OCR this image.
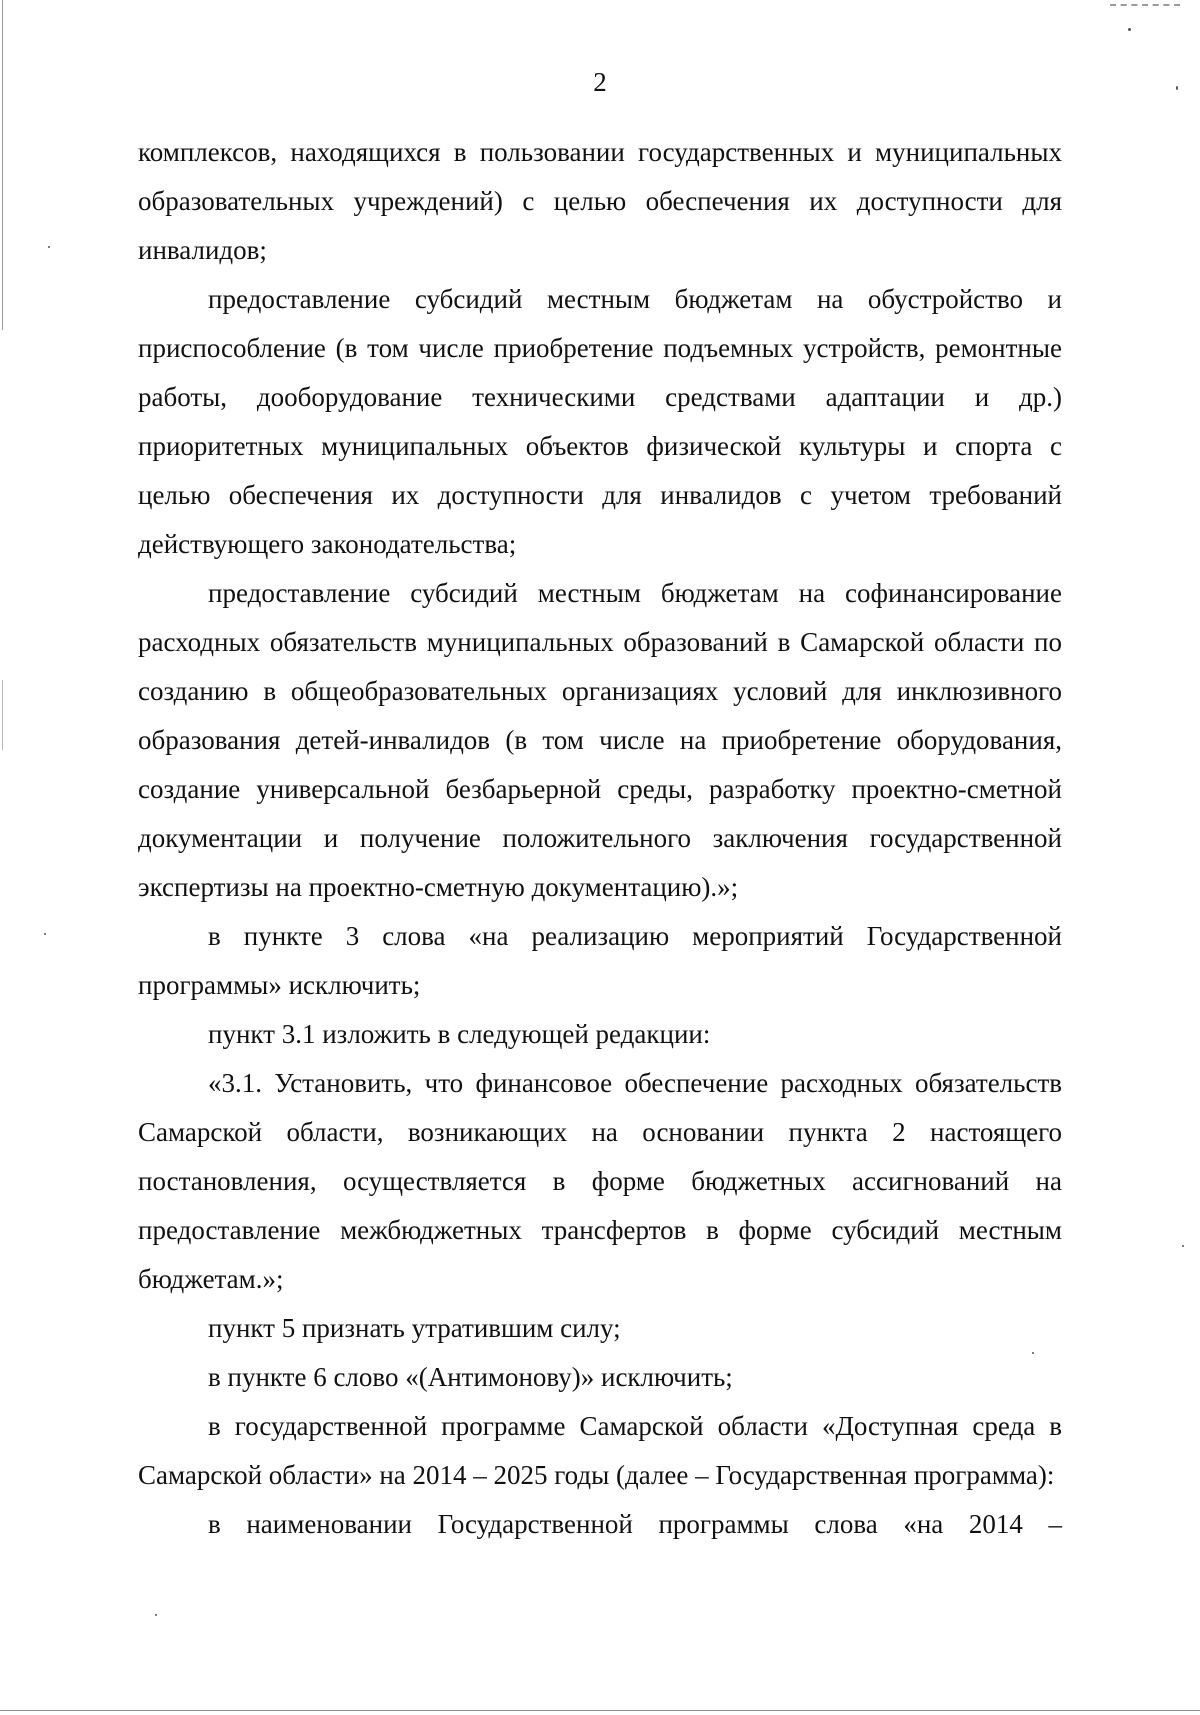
2

комплексов, находящихся в пользовании государственных и муниципальных образовательных учреждений) с целью обеспечения их доступности для инвалидов;

предоставление субсидий местным бюджетам на обустройство и приспособление (в том числе приобретение подъемных устройств, ремонтные работы, дооборудование техническими средствами адаптации и др.) приоритетных муниципальных объектов физической культуры и спорта с целью обеспечения их доступности для инвалидов с учетом требований действующего законодательства;

предоставление субсидий местным бюджетам на софинансирование расходных обязательств муниципальных образований в Самарской области по созданию в общеобразовательных организациях условий для инклюзивного образования детей-инвалидов (в том числе на приобретение оборудования, создание универсальной безбарьерной среды, разработку проектно-сметной документации и получение положительного заключения государственной экспертизы на проектно-сметную документацию).»;

в пункте 3 слова «на реализацию мероприятий Государственной программы» исключить;

пункт 3.1 изложить в следующей редакции:

«3.1. Установить, что финансовое обеспечение расходных обязательств Самарской области, возникающих на основании пункта 2 настоящего постановления, осуществляется в форме бюджетных ассигнований на предоставление межбюджетных трансфертов в форме субсидий местным бюджетам.»;

пункт 5 признать утратившим силу;

в пункте 6 слово «(Антимонову)» исключить;

в государственной программе Самарской области «Доступная среда в Самарской области» на 2014 – 2025 годы (далее – Государственная программа):

в наименовании Государственной программы слова «на 2014 –
